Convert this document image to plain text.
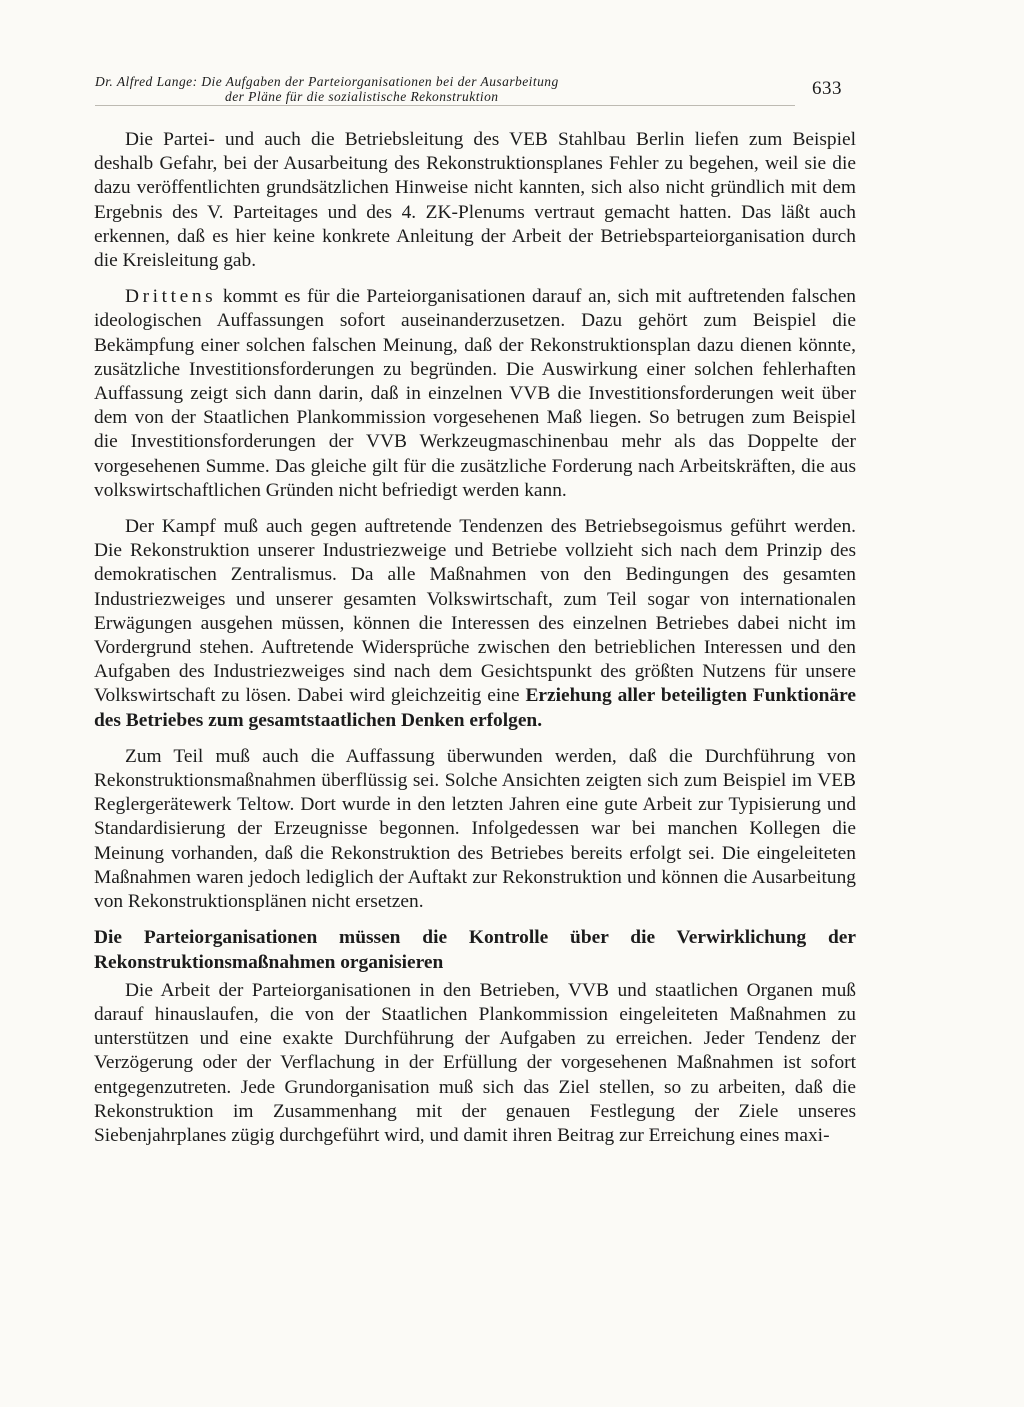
Dr. Alfred Lange: Die Aufgaben der Parteiorganisationen bei der Ausarbeitung
der Pläne für die sozialistische Rekonstruktion	633

Die Partei- und auch die Betriebsleitung des VEB Stahlbau Berlin liefen zum Beispiel deshalb Gefahr, bei der Ausarbeitung des Rekonstruktionsplanes Fehler zu begehen, weil sie die dazu veröffentlichten grundsätzlichen Hinweise nicht kannten, sich also nicht gründlich mit dem Ergebnis des V. Parteitages und des 4. ZK-Plenums vertraut gemacht hatten. Das läßt auch erkennen, daß es hier keine konkrete Anleitung der Arbeit der Betriebsparteiorganisation durch die Kreisleitung gab.

Drittens kommt es für die Parteiorganisationen darauf an, sich mit auftretenden falschen ideologischen Auffassungen sofort auseinanderzusetzen. Dazu gehört zum Beispiel die Bekämpfung einer solchen falschen Meinung, daß der Rekonstruktionsplan dazu dienen könnte, zusätzliche Investitionsforderungen zu begründen. Die Auswirkung einer solchen fehlerhaften Auffassung zeigt sich dann darin, daß in einzelnen VVB die Investitionsforderungen weit über dem von der Staatlichen Plankommission vorgesehenen Maß liegen. So betrugen zum Beispiel die Investitionsforderungen der VVB Werkzeugmaschinenbau mehr als das Doppelte der vorgesehenen Summe. Das gleiche gilt für die zusätzliche Forderung nach Arbeitskräften, die aus volkswirtschaftlichen Gründen nicht befriedigt werden kann.

Der Kampf muß auch gegen auftretende Tendenzen des Betriebsegoismus geführt werden. Die Rekonstruktion unserer Industriezweige und Betriebe vollzieht sich nach dem Prinzip des demokratischen Zentralismus. Da alle Maßnahmen von den Bedingungen des gesamten Industriezweiges und unserer gesamten Volkswirtschaft, zum Teil sogar von internationalen Erwägungen ausgehen müssen, können die Interessen des einzelnen Betriebes dabei nicht im Vordergrund stehen. Auftretende Widersprüche zwischen den betrieblichen Interessen und den Aufgaben des Industriezweiges sind nach dem Gesichtspunkt des größten Nutzens für unsere Volkswirtschaft zu lösen. Dabei wird gleichzeitig eine Erziehung aller beteiligten Funktionäre des Betriebes zum gesamtstaatlichen Denken erfolgen.

Zum Teil muß auch die Auffassung überwunden werden, daß die Durchführung von Rekonstruktionsmaßnahmen überflüssig sei. Solche Ansichten zeigten sich zum Beispiel im VEB Reglergerätewerk Teltow. Dort wurde in den letzten Jahren eine gute Arbeit zur Typisierung und Standardisierung der Erzeugnisse begonnen. Infolgedessen war bei manchen Kollegen die Meinung vorhanden, daß die Rekonstruktion des Betriebes bereits erfolgt sei. Die eingeleiteten Maßnahmen waren jedoch lediglich der Auftakt zur Rekonstruktion und können die Ausarbeitung von Rekonstruktionsplänen nicht ersetzen.

Die Parteiorganisationen müssen die Kontrolle über die Verwirklichung der Rekonstruktionsmaßnahmen organisieren

Die Arbeit der Parteiorganisationen in den Betrieben, VVB und staatlichen Organen muß darauf hinauslaufen, die von der Staatlichen Plankommission eingeleiteten Maßnahmen zu unterstützen und eine exakte Durchführung der Aufgaben zu erreichen. Jeder Tendenz der Verzögerung oder der Verflachung in der Erfüllung der vorgesehenen Maßnahmen ist sofort entgegenzutreten. Jede Grundorganisation muß sich das Ziel stellen, so zu arbeiten, daß die Rekonstruktion im Zusammenhang mit der genauen Festlegung der Ziele unseres Siebenjahrplanes zügig durchgeführt wird, und damit ihren Beitrag zur Erreichung eines maxi-
